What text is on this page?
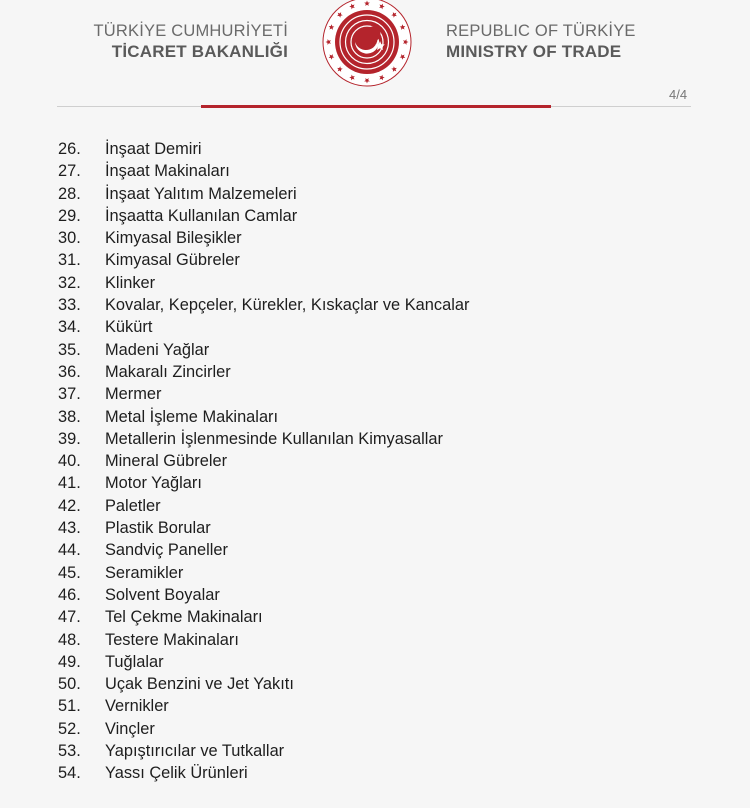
TÜRKİYE CUMHURİYETİ
TİCARET BAKANLIĞI
REPUBLIC OF TÜRKİYE
MINISTRY OF TRADE
4/4
26. İnşaat Demiri
27. İnşaat Makinaları
28. İnşaat Yalıtım Malzemeleri
29. İnşaatta Kullanılan Camlar
30. Kimyasal Bileşikler
31. Kimyasal Gübreler
32. Klinker
33. Kovalar, Kepçeler, Kürekler, Kıskaçlar ve Kancalar
34. Kükürt
35. Madeni Yağlar
36. Makaralı Zincirler
37. Mermer
38. Metal İşleme Makinaları
39. Metallerin İşlenmesinde Kullanılan Kimyasallar
40. Mineral Gübreler
41. Motor Yağları
42. Paletler
43. Plastik Borular
44. Sandviç Paneller
45. Seramikler
46. Solvent Boyalar
47. Tel Çekme Makinaları
48. Testere Makinaları
49. Tuğlalar
50. Uçak Benzini ve Jet Yakıtı
51. Vernikler
52. Vinçler
53. Yapıştırıcılar ve Tutkallar
54. Yassı Çelik Ürünleri
